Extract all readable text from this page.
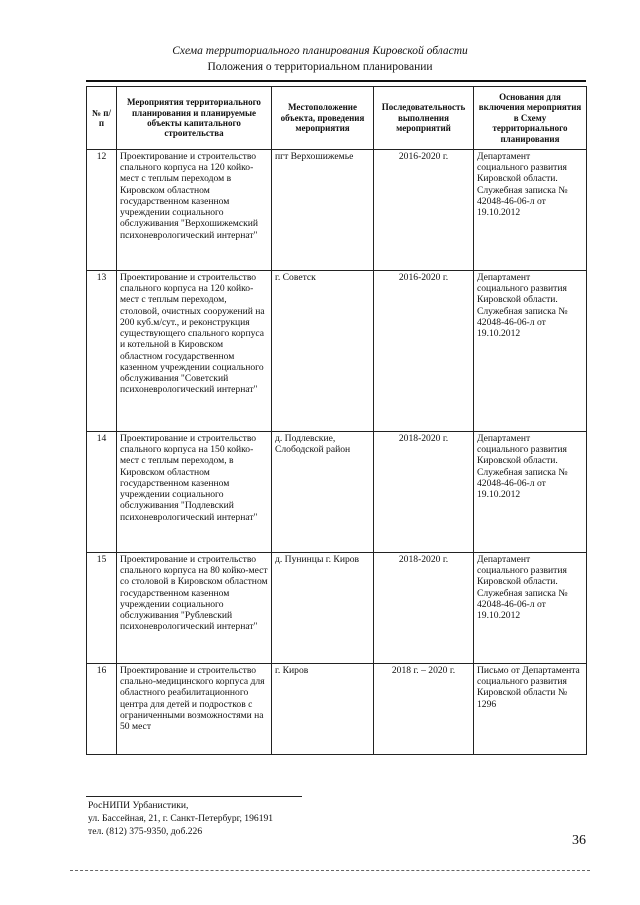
Схема территориального планирования Кировской области
Положения о территориальном планировании
№ п/п	Мероприятия территориального планирования и планируемые объекты капитального строительства	Местоположение объекта, проведения мероприятия	Последовательность выполнения мероприятий	Основания для включения мероприятия в Схему территориального планирования
12	Проектирование и строительство спального корпуса на 120 койко-мест с теплым переходом в Кировском областном государственном казенном учреждении социального обслуживания "Верхошижемский психоневрологический интернат"	пгт Верхошижемье	2016-2020 г.	Департамент социального развития Кировской области. Служебная записка № 42048-46-06-л от 19.10.2012
13	Проектирование и строительство спального корпуса на 120 койко-мест с теплым переходом, столовой, очистных сооружений на 200 куб.м/сут., и реконструкция существующего спального корпуса и котельной в Кировском областном государственном казенном учреждении социального обслуживания "Советский психоневрологический интернат"	г. Советск	2016-2020 г.	Департамент социального развития Кировской области. Служебная записка № 42048-46-06-л от 19.10.2012
14	Проектирование и строительство спального корпуса на 150 койко-мест с теплым переходом, в Кировском областном государственном казенном учреждении социального обслуживания "Подлевский психоневрологический интернат"	д. Подлевские, Слободской район	2018-2020 г.	Департамент социального развития Кировской области. Служебная записка № 42048-46-06-л от 19.10.2012
15	Проектирование и строительство спального корпуса на 80 койко-мест со столовой в Кировском областном государственном казенном учреждении социального обслуживания "Рублевский психоневрологический интернат"	д. Пунинцы г. Киров	2018-2020 г.	Департамент социального развития Кировской области. Служебная записка № 42048-46-06-л от 19.10.2012
16	Проектирование и строительство спально-медицинского корпуса для областного реабилитационного центра для детей и подростков с ограниченными возможностями на 50 мест	г. Киров	2018 г. – 2020 г.	Письмо от Департамента социального развития Кировской области № 1296
РосНИПИ Урбанистики,
ул. Бассейная, 21, г. Санкт-Петербург, 196191
тел. (812) 375-9350, доб.226
36
